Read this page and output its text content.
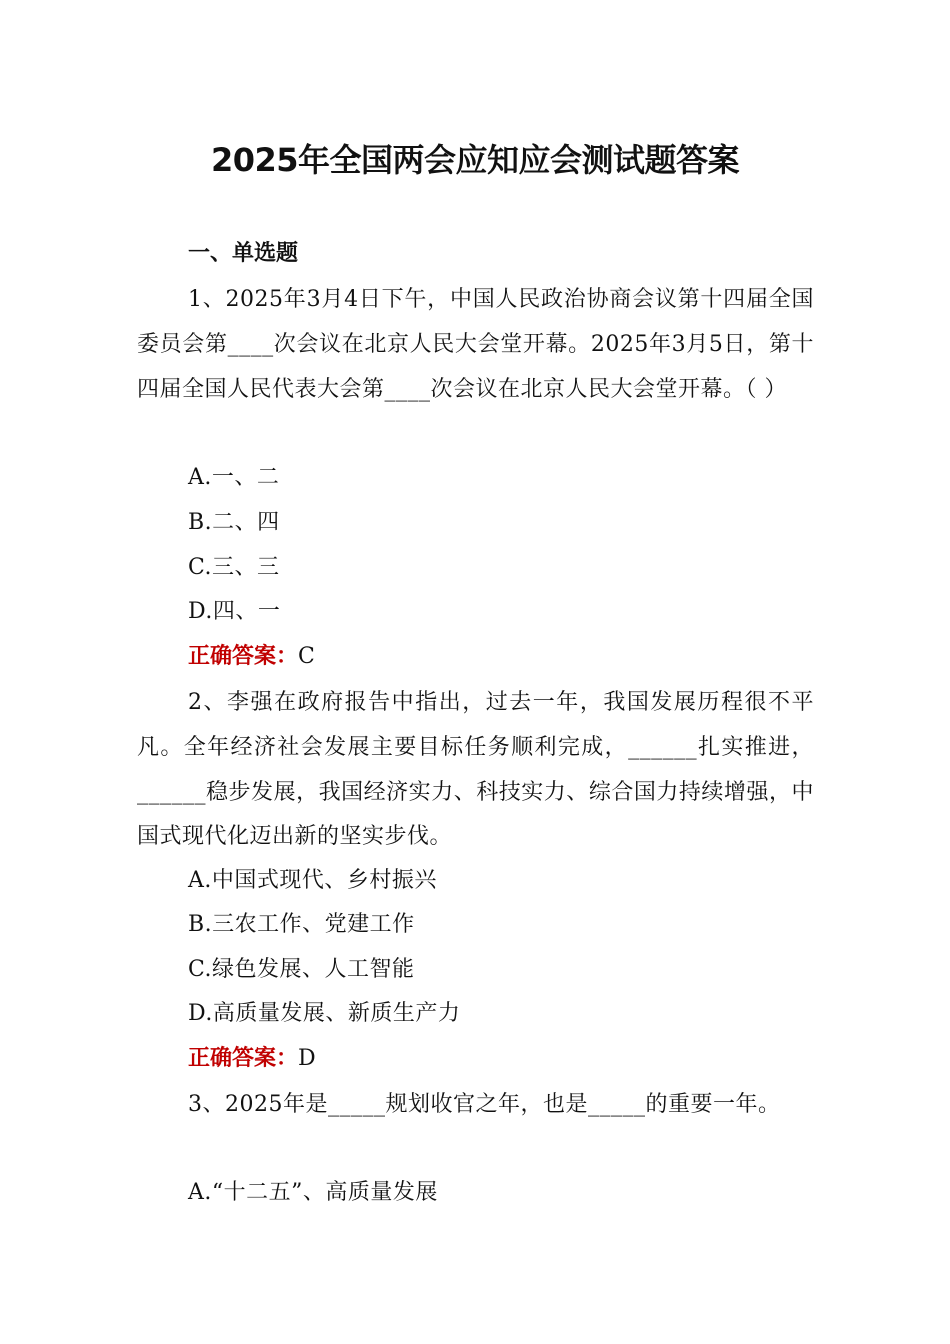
2025年全国两会应知应会测试题答案
一、单选题
1、2025年3月4日下午，中国人民政治协商会议第十四届全国委员会第____次会议在北京人民大会堂开幕。2025年3月5日，第十四届全国人民代表大会第____次会议在北京人民大会堂开幕。（ ）
A.一、二
B.二、四
C.三、三
D.四、一
正确答案：C
2、李强在政府报告中指出，过去一年，我国发展历程很不平凡。全年经济社会发展主要目标任务顺利完成，______扎实推进，______稳步发展，我国经济实力、科技实力、综合国力持续增强，中国式现代化迈出新的坚实步伐。
A.中国式现代、乡村振兴
B.三农工作、党建工作
C.绿色发展、人工智能
D.高质量发展、新质生产力
正确答案：D
3、2025年是_____规划收官之年，也是_____的重要一年。
A.“十二五”、高质量发展
